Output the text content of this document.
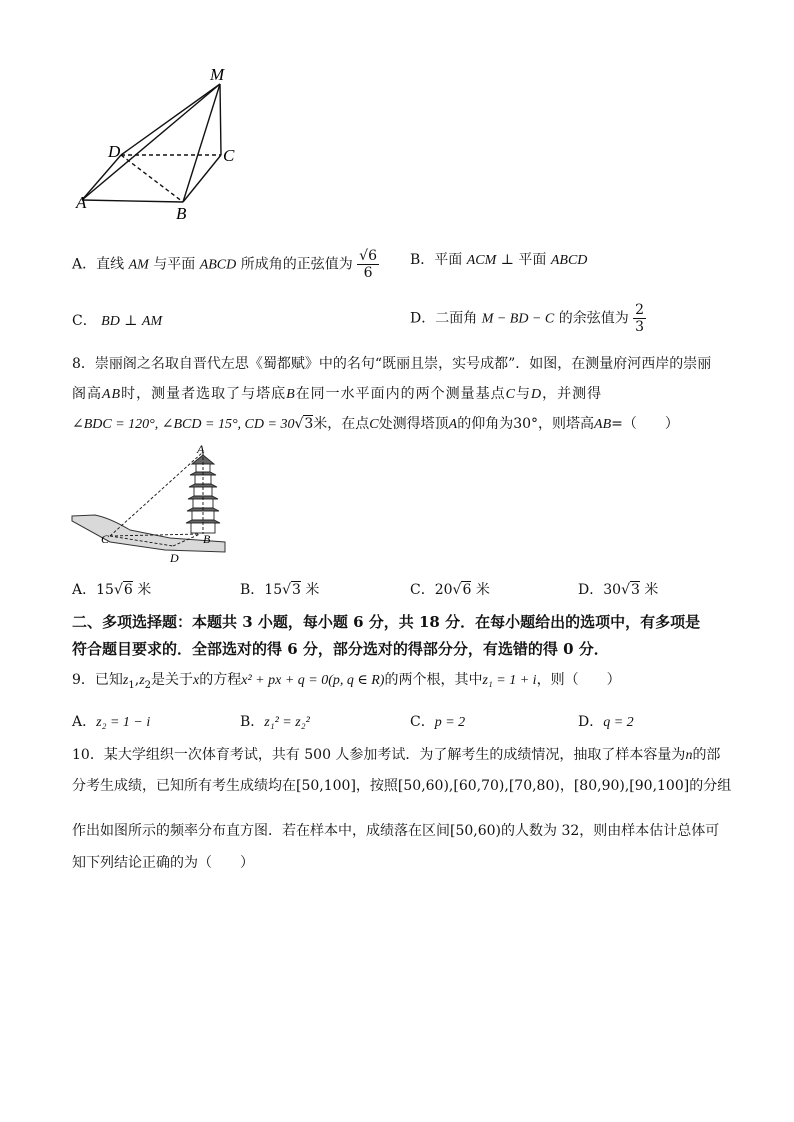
M
D	C
A
B
A．直线 AM 与平面 ABCD 所成角的正弦值为 $\frac{√6}{6}$ B．平面 ACM ⊥ 平面 ABCD
C． BD ⊥ AM	D．二面角 M − BD − C 的余弦值为 $\frac{2}{3}$
8．崇丽阁之名取自晋代左思《蜀都赋》中的名句“既丽且崇，实号成都”．如图，在测量府河西岸的崇丽
阁高AB时，测量者选取了与塔底B在同一水平面内的两个测量基点C与D，并测得
∠BDC = 120°, ∠BCD = 15°, CD = 30√3米，在点C处测得塔顶A的仰角为30°，则塔高AB=（　　）
A
B
C
D
A．15√6 米	B．15√3 米	C．20√6 米	D．30√3 米
二、多项选择题：本题共 3 小题，每小题 6 分，共 18 分．在每小题给出的选项中，有多项是
符合题目要求的．全部选对的得 6 分，部分选对的得部分分，有选错的得 0 分．
9．已知$z_1,z_2$是关于x的方程x² + px + q = 0(p, q ∈ R)的两个根，其中z₁ = 1 + i，则（　　）
A．z₂ = 1 − i	B．z₁² = z₂²	C．p = 2	D．q = 2
10．某大学组织一次体育考试，共有 500 人参加考试．为了解考生的成绩情况，抽取了样本容量为n的部
分考生成绩，已知所有考生成绩均在[50,100]，按照[50,60),[60,70),[70,80)，[80,90),[90,100]的分组
作出如图所示的频率分布直方图．若在样本中，成绩落在区间[50,60)的人数为 32，则由样本估计总体可
知下列结论正确的为（　　）
